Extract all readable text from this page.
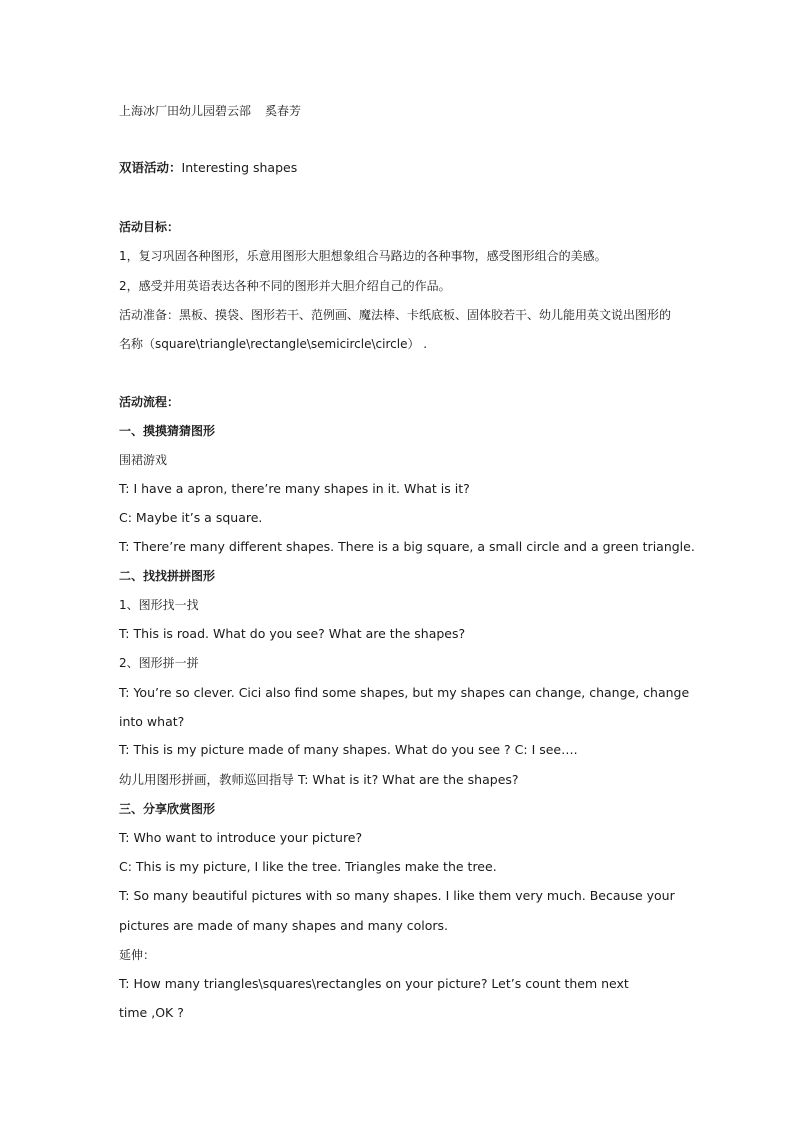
上海冰厂田幼儿园碧云部 奚春芳
双语活动：Interesting shapes
活动目标：
1，复习巩固各种图形，乐意用图形大胆想象组合马路边的各种事物，感受图形组合的美感。
2，感受并用英语表达各种不同的图形并大胆介绍自己的作品。
活动准备：黑板、摸袋、图形若干、范例画、魔法棒、卡纸底板、固体胶若干、幼儿能用英文说出图形的
名称（square\triangle\rectangle\semicircle\circle） .
活动流程：
一、摸摸猜猜图形
围裙游戏
T: I have a apron, there’re many shapes in it. What is it?
C: Maybe it’s a square.
T: There’re many different shapes. There is a big square, a small circle and a green triangle.
二、找找拼拼图形
1、图形找一找
T: This is road. What do you see? What are the shapes?
2、图形拼一拼
T: You’re so clever. Cici also find some shapes, but my shapes can change, change, change
into what?
T: This is my picture made of many shapes. What do you see ? C: I see….
幼儿用图形拼画，教师巡回指导 T: What is it? What are the shapes?
三、分享欣赏图形
T: Who want to introduce your picture?
C: This is my picture, I like the tree. Triangles make the tree.
T: So many beautiful pictures with so many shapes. I like them very much. Because your
pictures are made of many shapes and many colors.
延伸：
T: How many triangles\squares\rectangles on your picture? Let’s count them next
time ,OK ?
